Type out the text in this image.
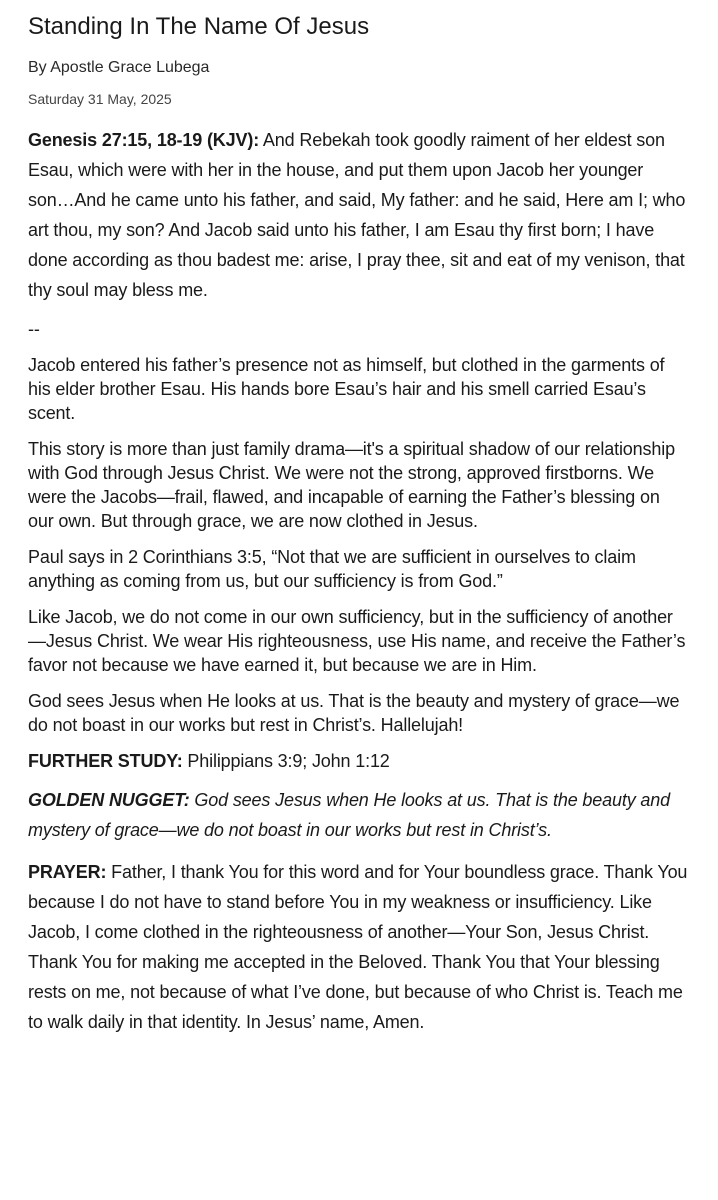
Standing In The Name Of Jesus
By Apostle Grace Lubega
Saturday 31 May, 2025

Genesis 27:15, 18-19 (KJV): And Rebekah took goodly raiment of her eldest son Esau, which were with her in the house, and put them upon Jacob her younger son…And he came unto his father, and said, My father: and he said, Here am I; who art thou, my son? And Jacob said unto his father, I am Esau thy first born; I have done according as thou badest me: arise, I pray thee, sit and eat of my venison, that thy soul may bless me.

--

Jacob entered his father’s presence not as himself, but clothed in the garments of his elder brother Esau. His hands bore Esau’s hair and his smell carried Esau’s scent.

This story is more than just family drama—it's a spiritual shadow of our relationship with God through Jesus Christ. We were not the strong, approved firstborns. We were the Jacobs—frail, flawed, and incapable of earning the Father’s blessing on our own. But through grace, we are now clothed in Jesus.

Paul says in 2 Corinthians 3:5, “Not that we are sufficient in ourselves to claim anything as coming from us, but our sufficiency is from God.”

Like Jacob, we do not come in our own sufficiency, but in the sufficiency of another—Jesus Christ. We wear His righteousness, use His name, and receive the Father’s favor not because we have earned it, but because we are in Him.

God sees Jesus when He looks at us. That is the beauty and mystery of grace—we do not boast in our works but rest in Christ’s. Hallelujah!

FURTHER STUDY: Philippians 3:9; John 1:12

GOLDEN NUGGET: God sees Jesus when He looks at us. That is the beauty and mystery of grace—we do not boast in our works but rest in Christ’s.

PRAYER: Father, I thank You for this word and for Your boundless grace. Thank You because I do not have to stand before You in my weakness or insufficiency. Like Jacob, I come clothed in the righteousness of another—Your Son, Jesus Christ. Thank You for making me accepted in the Beloved. Thank You that Your blessing rests on me, not because of what I’ve done, but because of who Christ is. Teach me to walk daily in that identity. In Jesus’ name, Amen.
